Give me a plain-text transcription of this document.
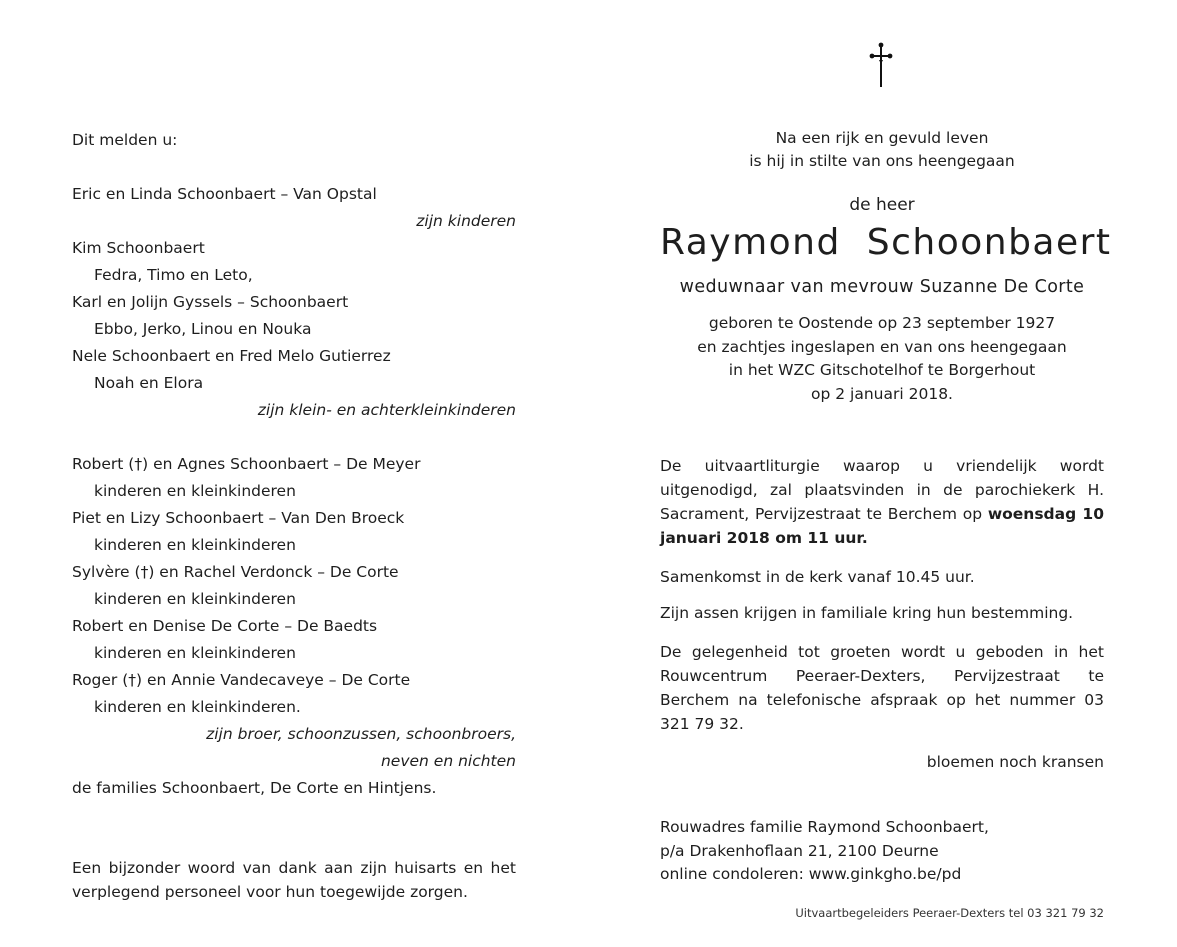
Dit melden u:
Eric en Linda Schoonbaert – Van Opstal
zijn kinderen
Kim Schoonbaert
Fedra, Timo en Leto,
Karl en Jolijn Gyssels – Schoonbaert
Ebbo, Jerko, Linou en Nouka
Nele Schoonbaert en Fred Melo Gutierrez
Noah en Elora
zijn klein- en achterkleinkinderen
Robert (†) en Agnes Schoonbaert – De Meyer
kinderen en kleinkinderen
Piet en Lizy Schoonbaert – Van Den Broeck
kinderen en kleinkinderen
Sylvère (†) en Rachel Verdonck – De Corte
kinderen en kleinkinderen
Robert en Denise De Corte – De Baedts
kinderen en kleinkinderen
Roger (†) en Annie Vandecaveye – De Corte
kinderen en kleinkinderen.
zijn broer, schoonzussen, schoonbroers,
neven en nichten
de families Schoonbaert, De Corte en Hintjens.
Een bijzonder woord van dank aan zijn huisarts en het verplegend personeel voor hun toegewijde zorgen.
Na een rijk en gevuld leven
is hij in stilte van ons heengegaan
de heer
Raymond  Schoonbaert
weduwnaar van mevrouw Suzanne De Corte
geboren te Oostende op 23 september 1927
en zachtjes ingeslapen en van ons heengegaan
in het WZC Gitschotelhof te Borgerhout
op 2 januari 2018.
De uitvaartliturgie waarop u vriendelijk wordt uitgenodigd, zal plaatsvinden in de parochiekerk H. Sacrament, Pervijzestraat te Berchem op woensdag 10 januari 2018 om 11 uur.
Samenkomst in de kerk vanaf 10.45 uur.
Zijn assen krijgen in familiale kring hun bestemming.
De gelegenheid tot groeten wordt u geboden in het Rouwcentrum Peeraer-Dexters, Pervijzestraat te Berchem na telefonische afspraak op het nummer 03 321 79 32.
bloemen noch kransen
Rouwadres familie Raymond Schoonbaert,
p/a Drakenhoflaan 21, 2100 Deurne
online condoleren: www.ginkgho.be/pd
Uitvaartbegeleiders Peeraer-Dexters tel 03 321 79 32
